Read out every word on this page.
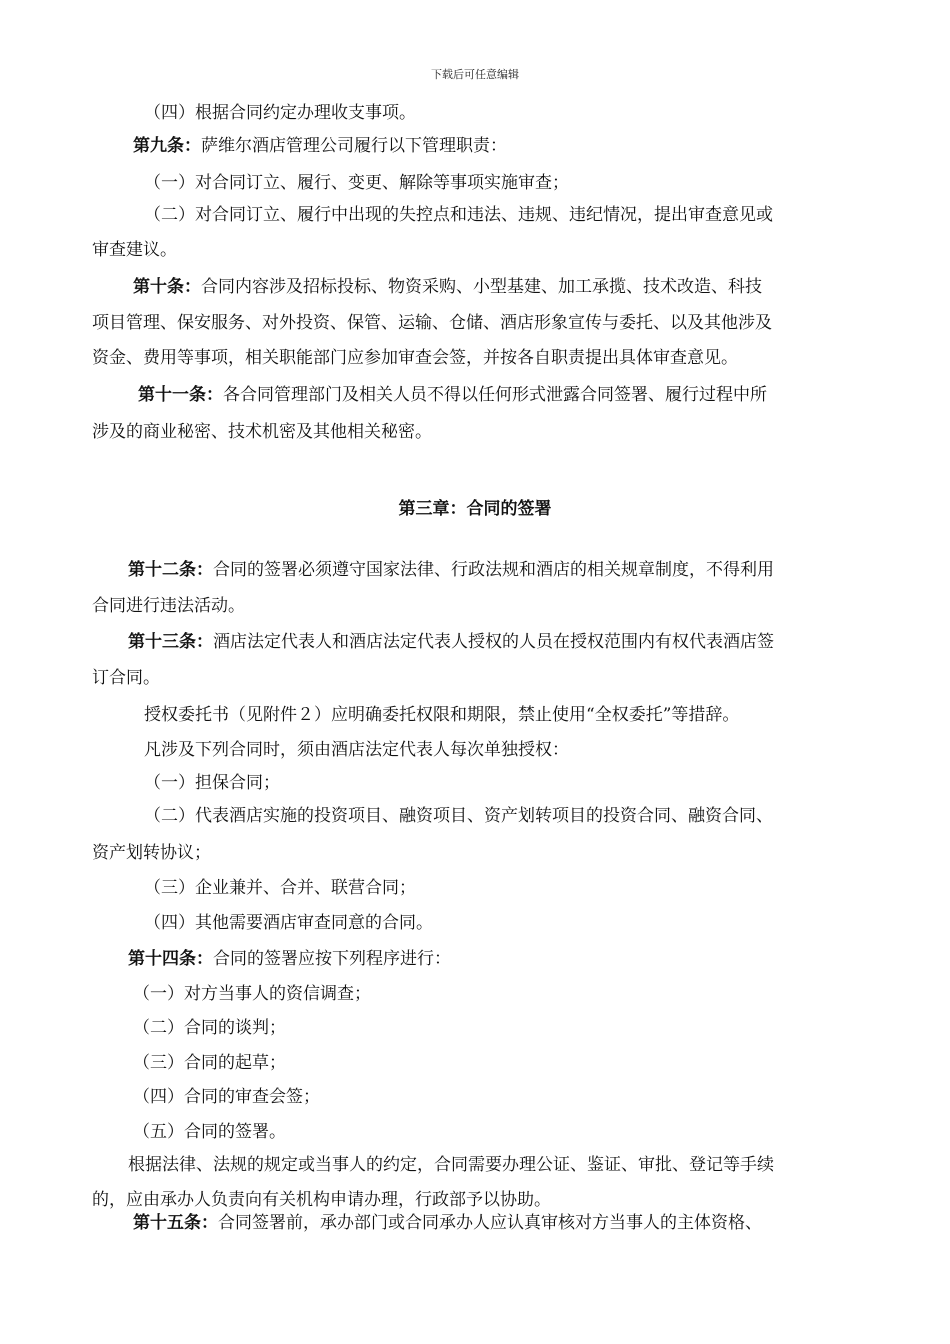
下载后可任意编辑
（四）根据合同约定办理收支事项。
第九条：萨维尔酒店管理公司履行以下管理职责：
（一）对合同订立、履行、变更、解除等事项实施审查；
（二）对合同订立、履行中出现的失控点和违法、违规、违纪情况，提出审查意见或
审查建议。
第十条：合同内容涉及招标投标、物资采购、小型基建、加工承揽、技术改造、科技
项目管理、保安服务、对外投资、保管、运输、仓储、酒店形象宣传与委托、以及其他涉及
资金、费用等事项，相关职能部门应参加审查会签，并按各自职责提出具体审查意见。
第十一条：各合同管理部门及相关人员不得以任何形式泄露合同签署、履行过程中所
涉及的商业秘密、技术机密及其他相关秘密。
第十二条：合同的签署必须遵守国家法律、行政法规和酒店的相关规章制度，不得利用
合同进行违法活动。
第十三条：酒店法定代表人和酒店法定代表人授权的人员在授权范围内有权代表酒店签
订合同。
授权委托书（见附件２）应明确委托权限和期限，禁止使用“全权委托”等措辞。
凡涉及下列合同时，须由酒店法定代表人每次单独授权：
（一）担保合同；
（二）代表酒店实施的投资项目、融资项目、资产划转项目的投资合同、融资合同、
资产划转协议；
（三）企业兼并、合并、联营合同；
（四）其他需要酒店审查同意的合同。
第十四条：合同的签署应按下列程序进行：
（一）对方当事人的资信调查；
（二）合同的谈判；
（三）合同的起草；
（四）合同的审查会签；
（五）合同的签署。
根据法律、法规的规定或当事人的约定，合同需要办理公证、鉴证、审批、登记等手续
的，应由承办人负责向有关机构申请办理，行政部予以协助。
第十五条：合同签署前，承办部门或合同承办人应认真审核对方当事人的主体资格、
第三章：合同的签署
